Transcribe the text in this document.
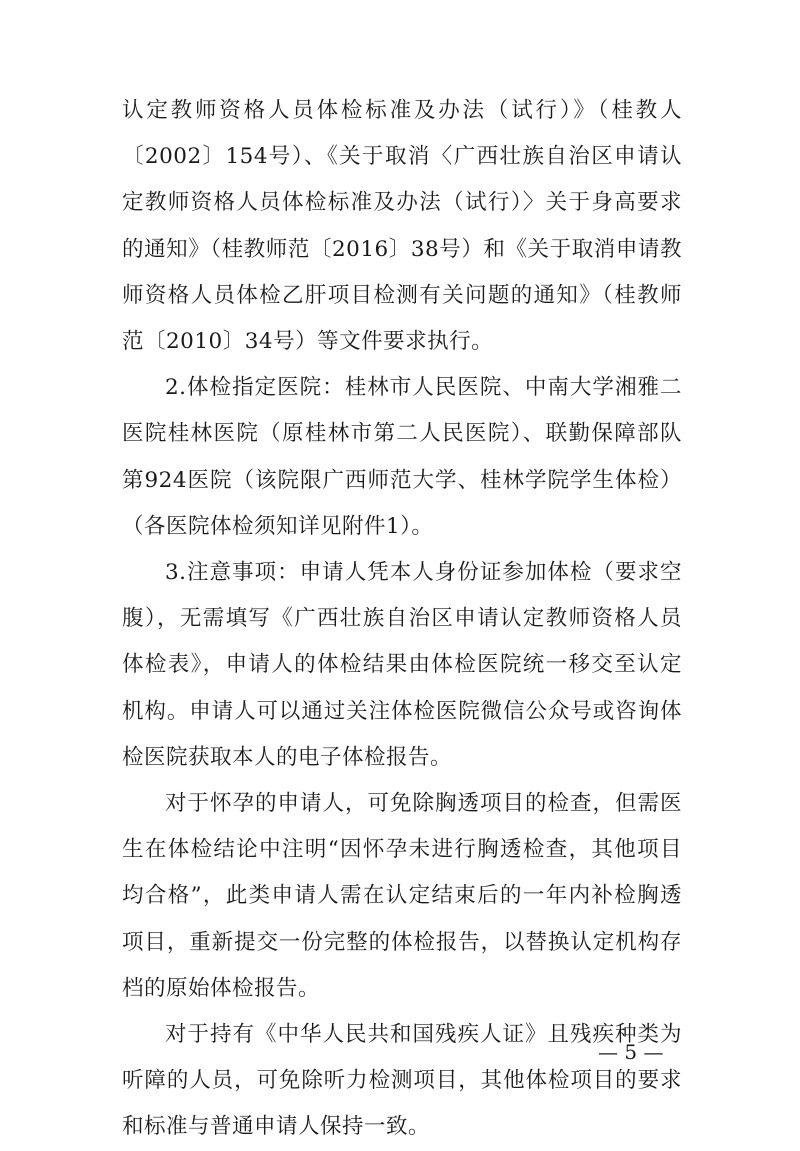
认定教师资格人员体检标准及办法（试行）》（桂教人〔2002〕154号）、《关于取消〈广西壮族自治区申请认定教师资格人员体检标准及办法（试行）〉关于身高要求的通知》（桂教师范〔2016〕38号）和《关于取消申请教师资格人员体检乙肝项目检测有关问题的通知》（桂教师范〔2010〕34号）等文件要求执行。

2.体检指定医院：桂林市人民医院、中南大学湘雅二医院桂林医院（原桂林市第二人民医院）、联勤保障部队第924医院（该院限广西师范大学、桂林学院学生体检）（各医院体检须知详见附件1）。

3.注意事项：申请人凭本人身份证参加体检（要求空腹），无需填写《广西壮族自治区申请认定教师资格人员体检表》，申请人的体检结果由体检医院统一移交至认定机构。申请人可以通过关注体检医院微信公众号或咨询体检医院获取本人的电子体检报告。

对于怀孕的申请人，可免除胸透项目的检查，但需医生在体检结论中注明“因怀孕未进行胸透检查，其他项目均合格”，此类申请人需在认定结束后的一年内补检胸透项目，重新提交一份完整的体检报告，以替换认定机构存档的原始体检报告。

对于持有《中华人民共和国残疾人证》且残疾种类为听障的人员，可免除听力检测项目，其他体检项目的要求和标准与普通申请人保持一致。

— 5 —
